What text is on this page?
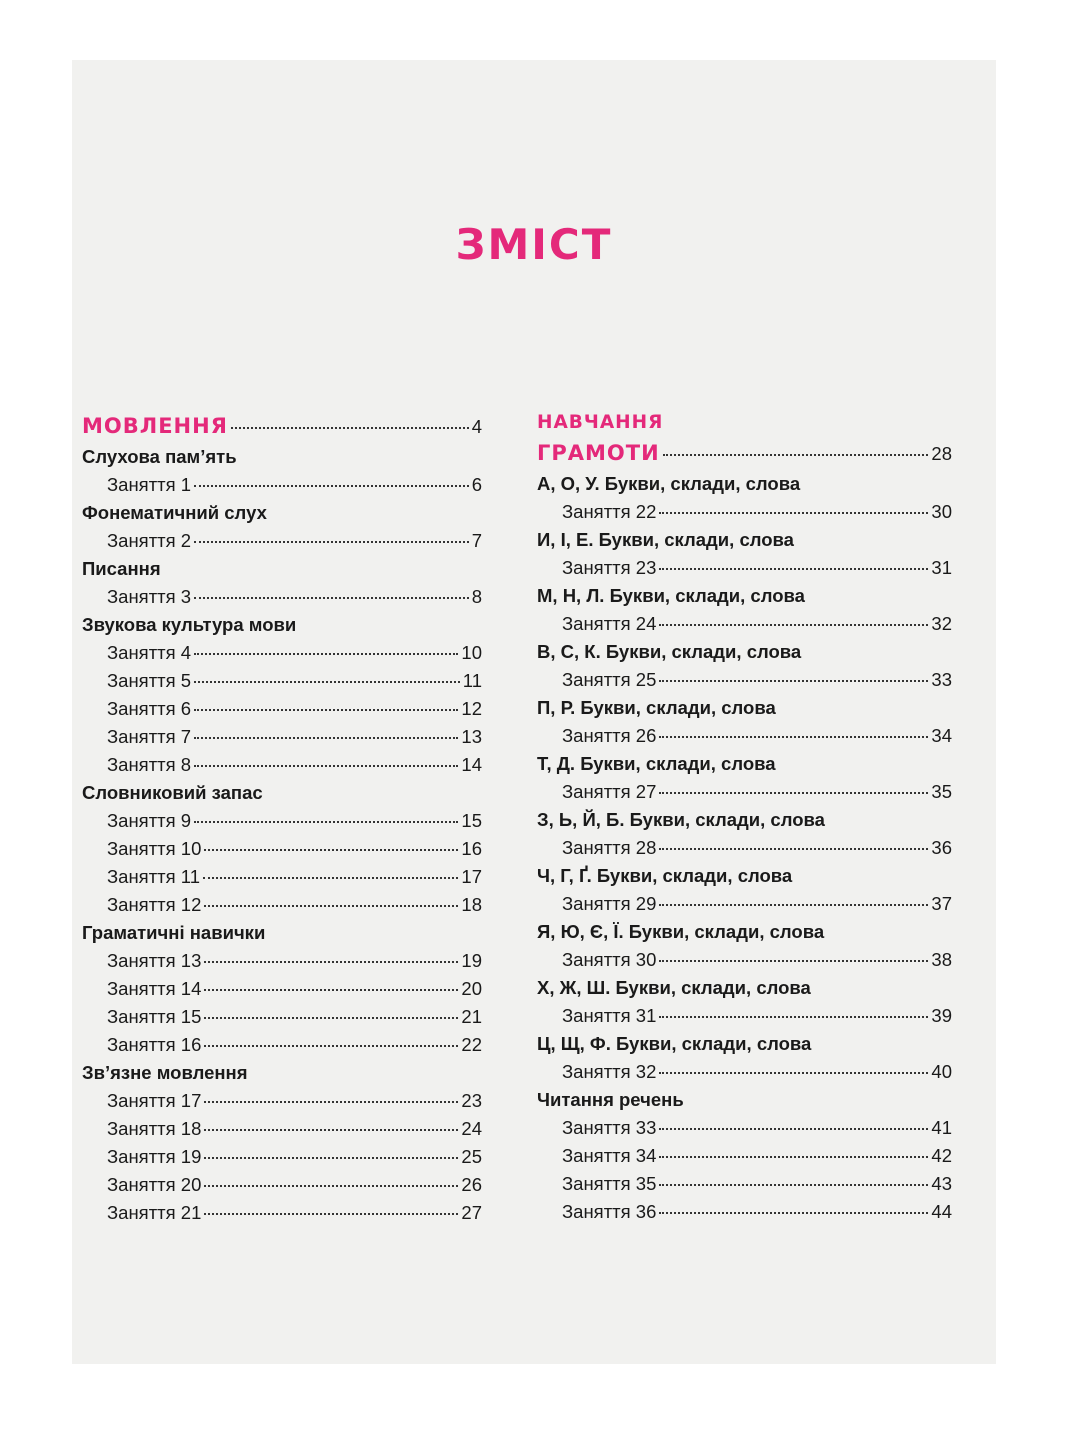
ЗМІСТ
МОВЛЕННЯ	4
Слухова пам’ять
Заняття 1	6
Фонематичний слух
Заняття 2	7
Писання
Заняття 3	8
Звукова культура мови
Заняття 4	10
Заняття 5	11
Заняття 6	12
Заняття 7	13
Заняття 8	14
Словниковий запас
Заняття 9	15
Заняття 10	16
Заняття 11	17
Заняття 12	18
Граматичні навички
Заняття 13	19
Заняття 14	20
Заняття 15	21
Заняття 16	22
Зв’язне мовлення
Заняття 17	23
Заняття 18	24
Заняття 19	25
Заняття 20	26
Заняття 21	27
НАВЧАННЯ
ГРАМОТИ	28
А, О, У. Букви, склади, слова
Заняття 22	30
И, І, Е. Букви, склади, слова
Заняття 23	31
М, Н, Л. Букви, склади, слова
Заняття 24	32
В, С, К. Букви, склади, слова
Заняття 25	33
П, Р. Букви, склади, слова
Заняття 26	34
Т, Д. Букви, склади, слова
Заняття 27	35
З, Ь, Й, Б. Букви, склади, слова
Заняття 28	36
Ч, Г, Ґ. Букви, склади, слова
Заняття 29	37
Я, Ю, Є, Ї. Букви, склади, слова
Заняття 30	38
Х, Ж, Ш. Букви, склади, слова
Заняття 31	39
Ц, Щ, Ф. Букви, склади, слова
Заняття 32	40
Читання речень
Заняття 33	41
Заняття 34	42
Заняття 35	43
Заняття 36	44
